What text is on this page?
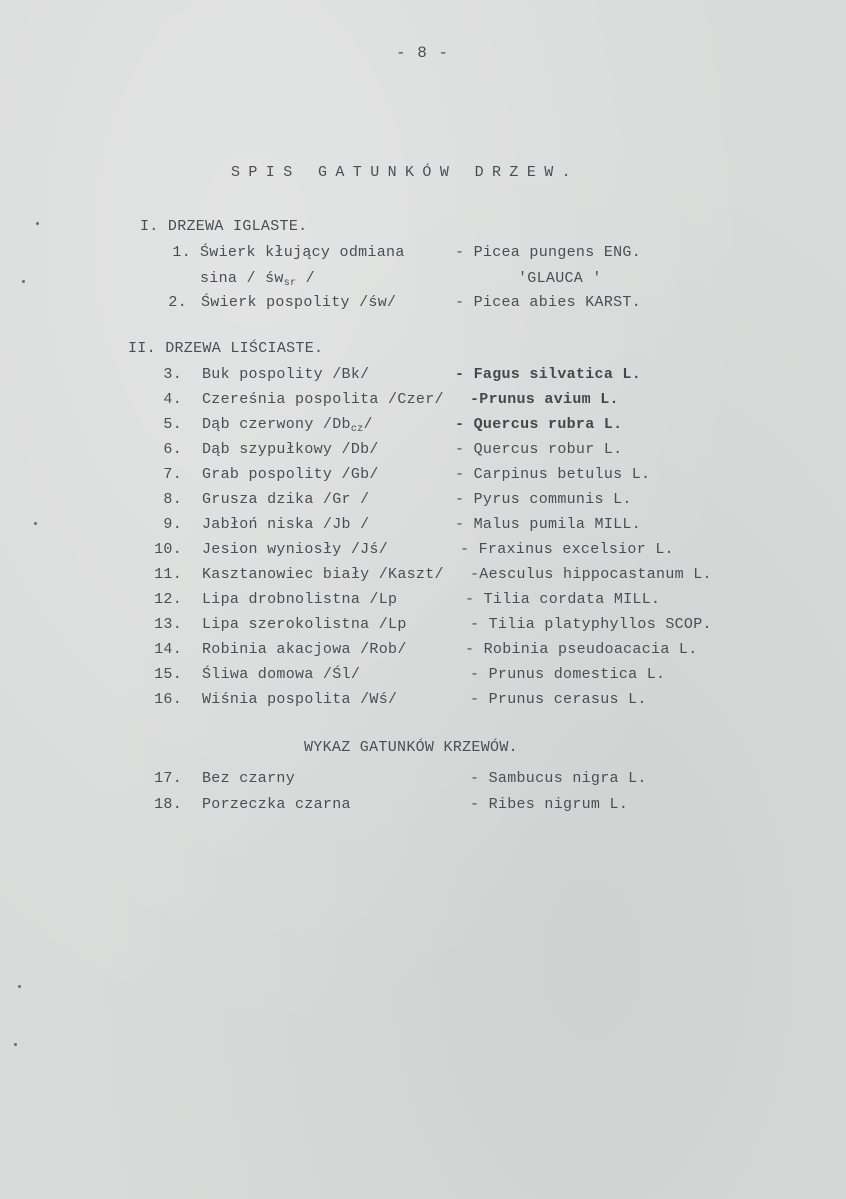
- 8 -
SPIS GATUNKÓW DRZEW.
I. DRZEWA IGLASTE.
1. Świerk kłujący odmiana	- Picea pungens ENG.
sina / $św_{sr}$ /	'GLAUCA '
2. Świerk pospolity /św/	- Picea abies KARST.
II. DRZEWA LIŚCIASTE.
3. Buk pospolity /Bk/	- Fagus silvatica L.
4. Czereśnia pospolita /Czer/ -Prunus avium L.
5. Dąb czerwony $/Db_{cz}/$	- Quercus rubra L.
6. Dąb szypułkowy /Db/	- Quercus robur L.
7. Grab pospolity /Gb/	- Carpinus betulus L.
8. Grusza dzika /Gr /	- Pyrus communis L.
9. Jabłoń niska /Jb /	- Malus pumila MILL.
10. Jesion wyniosły /Jś/	- Fraxinus excelsior L.
11. Kasztanowiec biały /Kaszt/ -Aesculus hippocastanum L.
12. Lipa drobnolistna /Lp	- Tilia cordata MILL.
13. Lipa szerokolistna /Lp	- Tilia platyphyllos SCOP.
14. Robinia akacjowa /Rob/	- Robinia pseudoacacia L.
15. Śliwa domowa /Śl/	- Prunus domestica L.
16. Wiśnia pospolita /Wś/	- Prunus cerasus L.
WYKAZ GATUNKÓW KRZEWÓW.
17. Bez czarny	- Sambucus nigra L.
18. Porzeczka czarna	- Ribes nigrum L.
